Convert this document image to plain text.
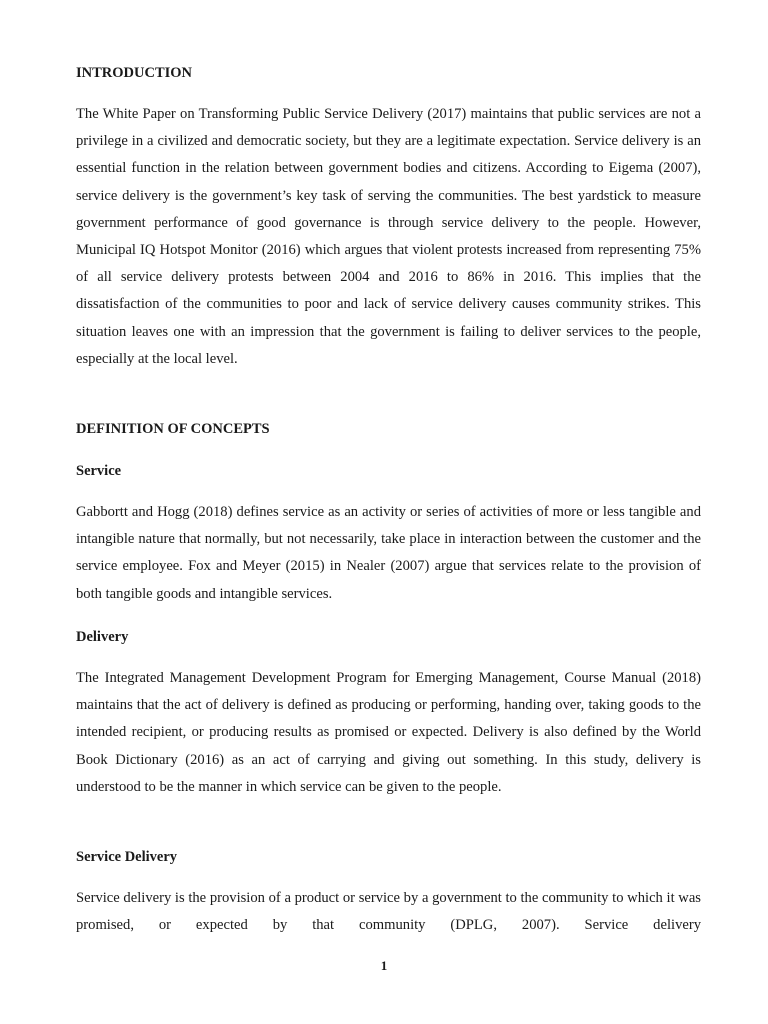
INTRODUCTION

The White Paper on Transforming Public Service Delivery (2017) maintains that public services are not a privilege in a civilized and democratic society, but they are a legitimate expectation. Service delivery is an essential function in the relation between government bodies and citizens. According to Eigema (2007), service delivery is the government’s key task of serving the communities. The best yardstick to measure government performance of good governance is through service delivery to the people. However, Municipal IQ Hotspot Monitor (2016) which argues that violent protests increased from representing 75% of all service delivery protests between 2004 and 2016 to 86% in 2016. This implies that the dissatisfaction of the communities to poor and lack of service delivery causes community strikes. This situation leaves one with an impression that the government is failing to deliver services to the people, especially at the local level.

DEFINITION OF CONCEPTS
Service

Gabbortt and Hogg (2018) defines service as an activity or series of activities of more or less tangible and intangible nature that normally, but not necessarily, take place in interaction between the customer and the service employee. Fox and Meyer (2015) in Nealer (2007) argue that services relate to the provision of both tangible goods and intangible services.

Delivery

The Integrated Management Development Program for Emerging Management, Course Manual (2018) maintains that the act of delivery is defined as producing or performing, handing over, taking goods to the intended recipient, or producing results as promised or expected. Delivery is also defined by the World Book Dictionary (2016) as an act of carrying and giving out something. In this study, delivery is understood to be the manner in which service can be given to the people.

Service Delivery

Service delivery is the provision of a product or service by a government to the community to which it was promised, or expected by that community (DPLG, 2007). Service delivery

1
